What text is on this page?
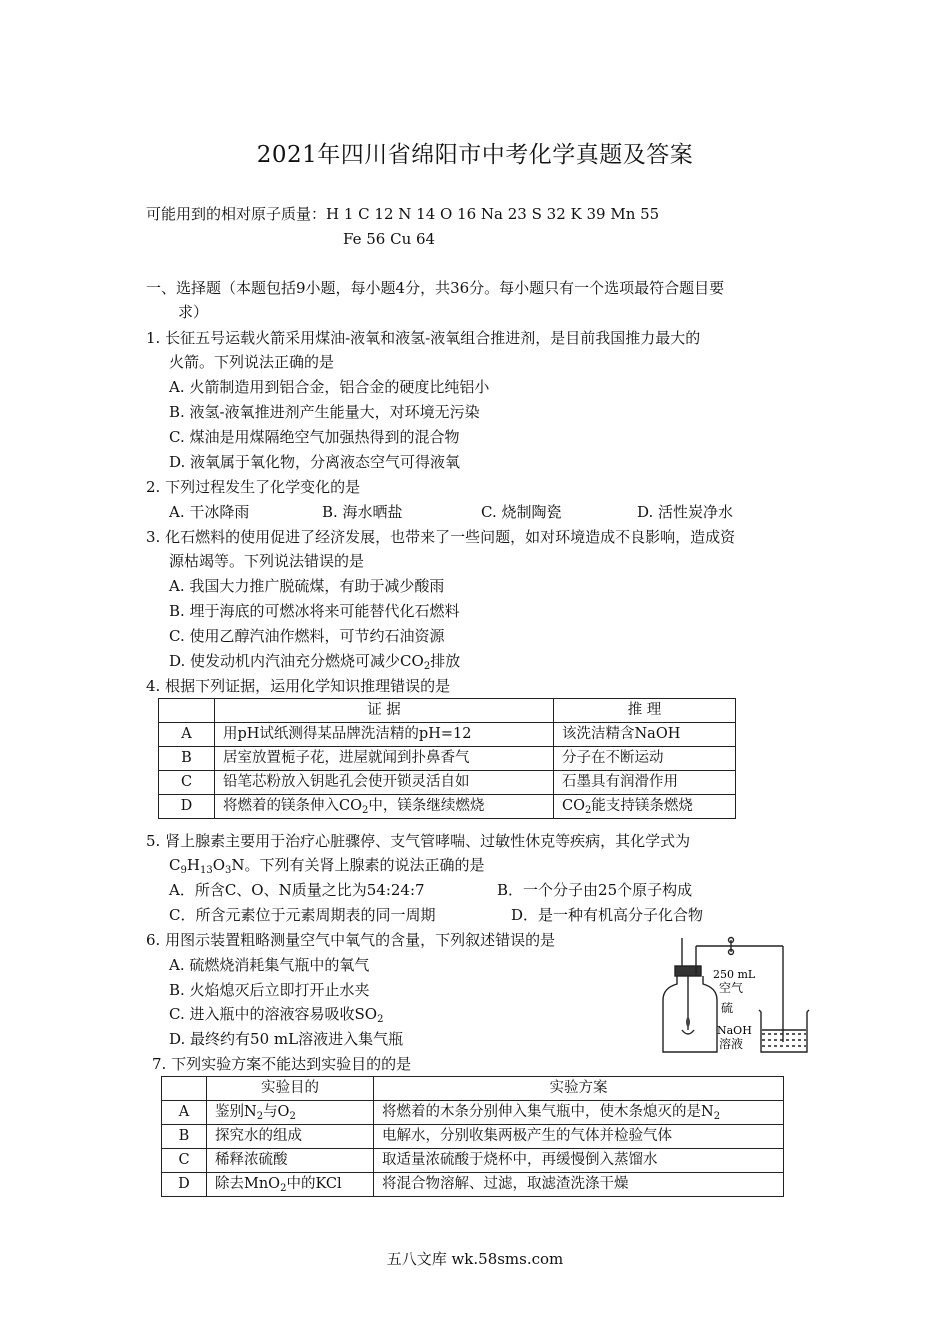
2021年四川省绵阳市中考化学真题及答案
可能用到的相对原子质量：H 1 C 12 N 14 O 16 Na 23 S 32 K 39 Mn 55
Fe 56 Cu 64
一、选择题（本题包括9小题，每小题4分，共36分。每小题只有一个选项最符合题目要
求）
1. 长征五号运载火箭采用煤油-液氧和液氢-液氧组合推进剂，是目前我国推力最大的
火箭。下列说法正确的是
A. 火箭制造用到铝合金，铝合金的硬度比纯铝小
B. 液氢-液氧推进剂产生能量大，对环境无污染
C. 煤油是用煤隔绝空气加强热得到的混合物
D. 液氧属于氧化物，分离液态空气可得液氧
2. 下列过程发生了化学变化的是
A. 干冰降雨	B. 海水晒盐	C. 烧制陶瓷	D. 活性炭净水
3. 化石燃料的使用促进了经济发展，也带来了一些问题，如对环境造成不良影响，造成资
源枯竭等。下列说法错误的是
A. 我国大力推广脱硫煤，有助于减少酸雨
B. 埋于海底的可燃冰将来可能替代化石燃料
C. 使用乙醇汽油作燃料，可节约石油资源
D. 使发动机内汽油充分燃烧可减少$CO_2$排放
4. 根据下列证据，运用化学知识推理错误的是
	证 据	推 理
A	用pH试纸测得某品牌洗洁精的pH=12	该洗洁精含NaOH
B	居室放置栀子花，进屋就闻到扑鼻香气	分子在不断运动
C	铅笔芯粉放入钥匙孔会使开锁灵活自如	石墨具有润滑作用
D	将燃着的镁条伸入$CO_2$中，镁条继续燃烧	$CO_2$能支持镁条燃烧
5. 肾上腺素主要用于治疗心脏骤停、支气管哮喘、过敏性休克等疾病，其化学式为
$C_9H_{13}O_3N$。下列有关肾上腺素的说法正确的是
A．所含C、O、N质量之比为54:24:7	B．一个分子由25个原子构成
C．所含元素位于元素周期表的同一周期	D．是一种有机高分子化合物
6. 用图示装置粗略测量空气中氧气的含量，下列叙述错误的是
A. 硫燃烧消耗集气瓶中的氧气
B. 火焰熄灭后立即打开止水夹
C. 进入瓶中的溶液容易吸收$SO_2$
D. 最终约有50 mL溶液进入集气瓶
250 mL
空气
硫
NaOH
溶液
7. 下列实验方案不能达到实验目的的是
	实验目的	实验方案
A	鉴别$N_2$与$O_2$	将燃着的木条分别伸入集气瓶中，使木条熄灭的是$N_2$
B	探究水的组成	电解水，分别收集两极产生的气体并检验气体
C	稀释浓硫酸	取适量浓硫酸于烧杯中，再缓慢倒入蒸馏水
D	除去MnO$_2$中的KCl	将混合物溶解、过滤，取滤渣洗涤干燥
五八文库 wk.58sms.com
